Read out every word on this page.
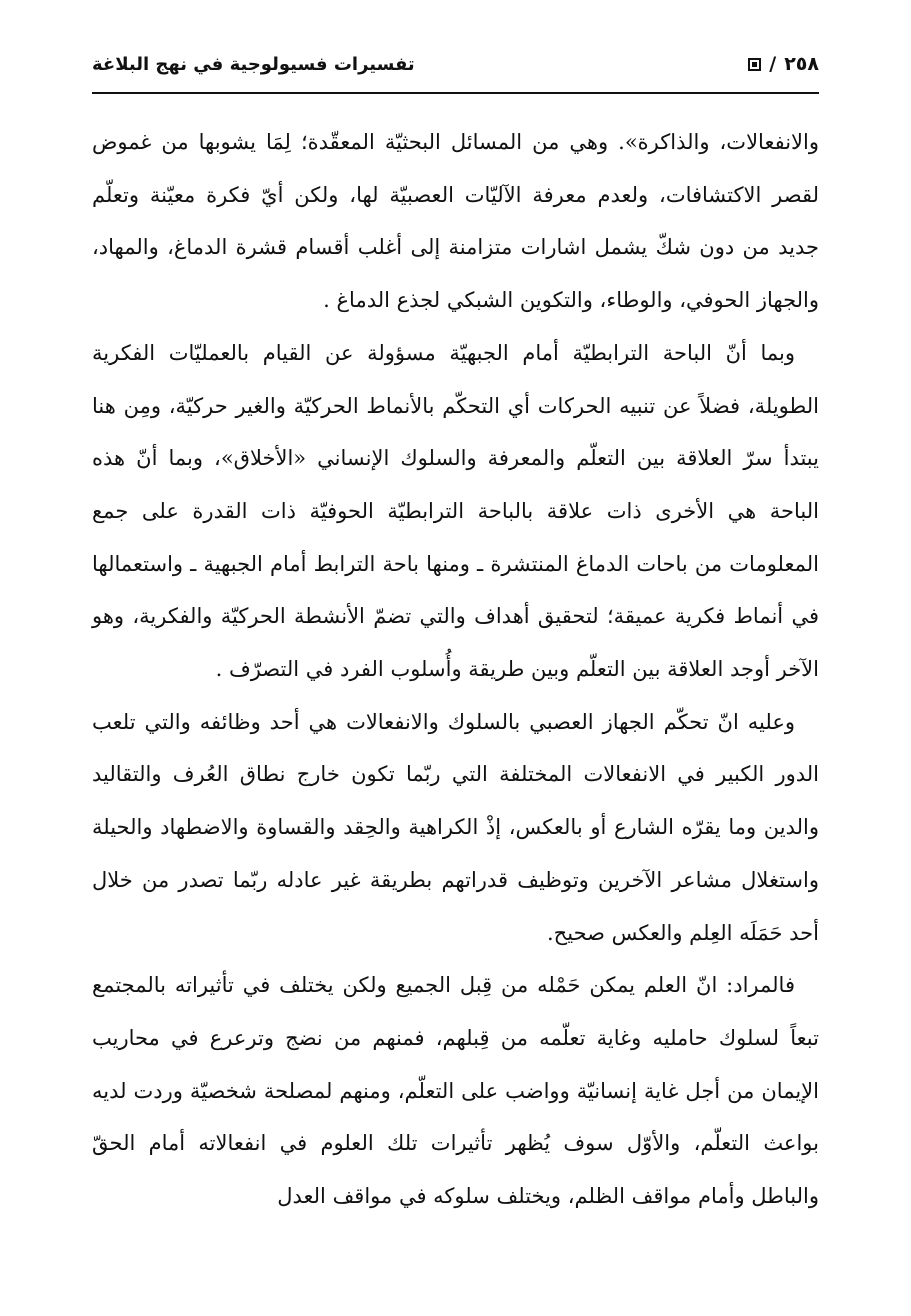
/ ٢٥٨
تفسيرات فسيولوجية في نهج البلاغة

والانفعالات، والذاكرة». وهي من المسائل البحثيّة المعقّدة؛ لِمَا يشوبها من غموض لقصر الاكتشافات، ولعدم معرفة الآليّات العصبيّة لها، ولكن أيّ فكرة معيّنة وتعلّم جديد من دون شكّ يشمل اشارات متزامنة إلى أغلب أقسام قشرة الدماغ، والمهاد، والجهاز الحوفي، والوطاء، والتكوين الشبكي لجذع الدماغ .

وبما أنّ الباحة الترابطيّة أمام الجبهيّة مسؤولة عن القيام بالعمليّات الفكرية الطويلة، فضلاً عن تنبيه الحركات أي التحكّم بالأنماط الحركيّة والغير حركيّة، ومِن هنا يبتدأ سرّ العلاقة بين التعلّم والمعرفة والسلوك الإنساني «الأخلاق»، وبما أنّ هذه الباحة هي الأخرى ذات علاقة بالباحة الترابطيّة الحوفيّة ذات القدرة على جمع المعلومات من باحات الدماغ المنتشرة ـ ومنها باحة الترابط أمام الجبهية ـ واستعمالها في أنماط فكرية عميقة؛ لتحقيق أهداف والتي تضمّ الأنشطة الحركيّة والفكرية، وهو الآخر أوجد العلاقة بين التعلّم وبين طريقة وأُسلوب الفرد في التصرّف .

وعليه انّ تحكّم الجهاز العصبي بالسلوك والانفعالات هي أحد وظائفه والتي تلعب الدور الكبير في الانفعالات المختلفة التي ربّما تكون خارج نطاق العُرف والتقاليد والدين وما يقرّه الشارع أو بالعكس، إذْ الكراهية والحِقد والقساوة والاضطهاد والحيلة واستغلال مشاعر الآخرين وتوظيف قدراتهم بطريقة غير عادله ربّما تصدر من خلال أحد حَمَلَه العِلم والعكس صحيح.

فالمراد: انّ العلم يمكن حَمْله من قِبل الجميع ولكن يختلف في تأثيراته بالمجتمع تبعاً لسلوك حامليه وغاية تعلّمه من قِبلهم، فمنهم من نضج وترعرع في محاريب الإيمان من أجل غاية إنسانيّة وواضب على التعلّم، ومنهم لمصلحة شخصيّة وردت لديه بواعث التعلّم، والأوّل سوف يُظهر تأثيرات تلك العلوم في انفعالاته أمام الحقّ والباطل وأمام مواقف الظلم، ويختلف سلوكه في مواقف العدل
